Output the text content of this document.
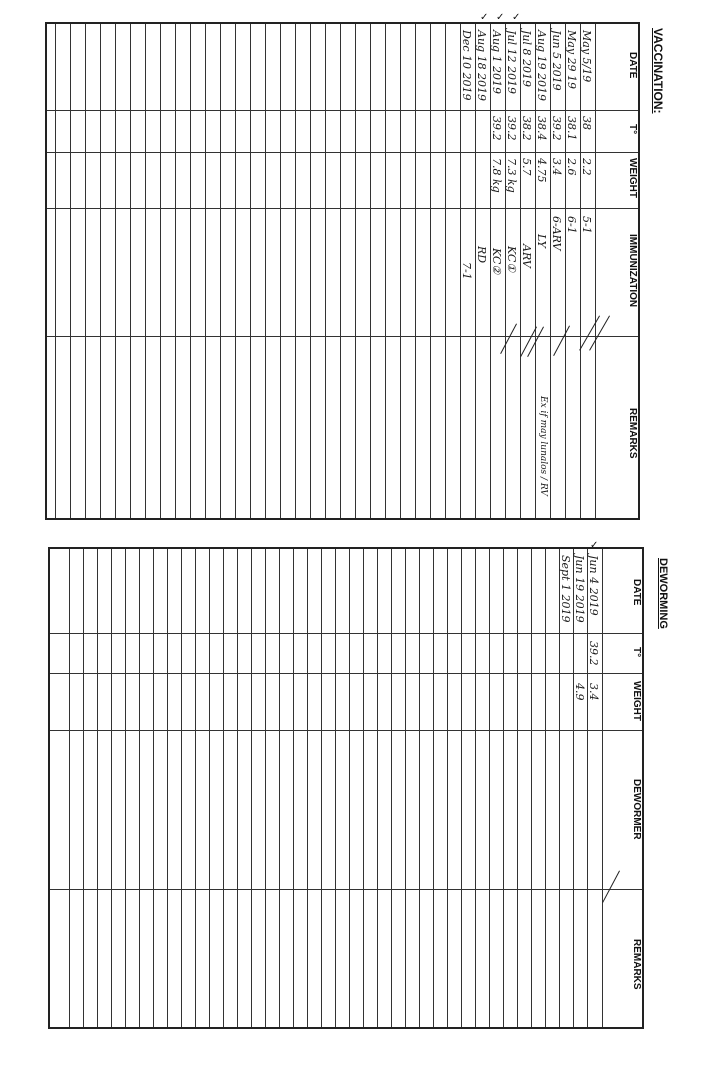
VACCINATION:
DATE
T°
WEIGHT
IMMUNIZATION
REMARKS
May 5/19
38
2.2
5-1
May 29 19
38.1
2.6
6-1
Jun 5 2019
39.2
3.4
6-ARV
Aug 19 2019
38.4
4.75
LY
Ex if may lunalos / RV
Jul 8 2019
38.2
5.7
ARV
Jul 12 2019
39.2
7.3 kg
KC①
Aug 1 2019
39.2
7.8 kg
KC②
Aug 18 2019
RD
Dec 10 2019
7-1
✓ ✓ ✓
DEWORMING
DATE
T°
WEIGHT
DEWORMER
REMARKS
Jun 4 2019
39.2
3.4
Jun 19 2019
4.9
Sept 1 2019
✓
